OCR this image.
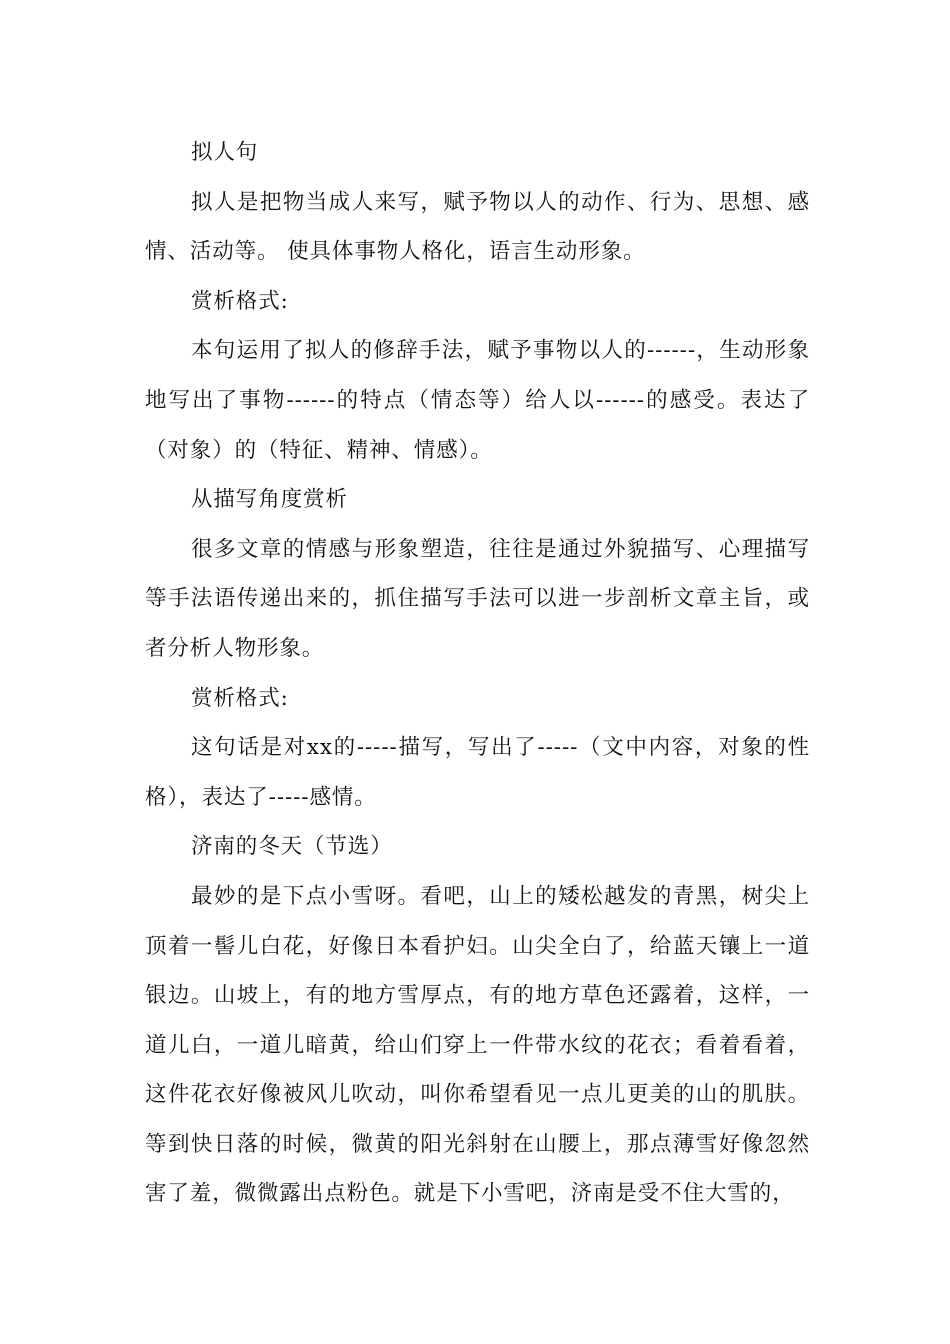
拟人句

拟人是把物当成人来写，赋予物以人的动作、行为、思想、感情、活动等。 使具体事物人格化，语言生动形象。

赏析格式:

本句运用了拟人的修辞手法，赋予事物以人的------，生动形象地写出了事物------的特点（情态等）给人以------的感受。表达了（对象）的（特征、精神、情感）。

从描写角度赏析

很多文章的情感与形象塑造，往往是通过外貌描写、心理描写等手法语传递出来的，抓住描写手法可以进一步剖析文章主旨，或者分析人物形象。

赏析格式:

这句话是对xx的-----描写，写出了-----（文中内容，对象的性格），表达了-----感情。

济南的冬天（节选）

最妙的是下点小雪呀。看吧，山上的矮松越发的青黑，树尖上顶着一髻儿白花，好像日本看护妇。山尖全白了，给蓝天镶上一道银边。山坡上，有的地方雪厚点，有的地方草色还露着，这样，一道儿白，一道儿暗黄，给山们穿上一件带水纹的花衣；看着看着，这件花衣好像被风儿吹动，叫你希望看见一点儿更美的山的肌肤。等到快日落的时候，微黄的阳光斜射在山腰上，那点薄雪好像忽然害了羞，微微露出点粉色。就是下小雪吧，济南是受不住大雪的，
